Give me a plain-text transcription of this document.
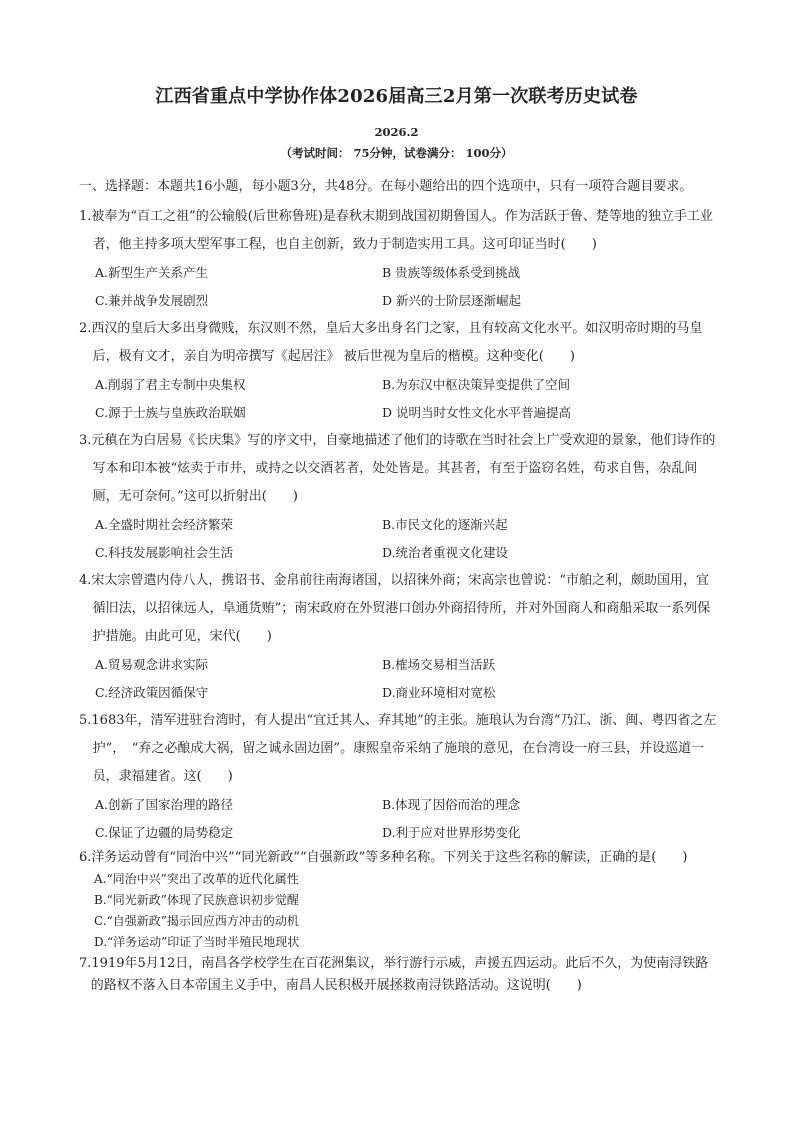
江西省重点中学协作体2026届高三2月第一次联考历史试卷
2026.2
（考试时间： 75分钟，试卷满分： 100分）
一、选择题：本题共16小题，每小题3分，共48分。在每小题给出的四个选项中，只有一项符合题目要求。
1.被奉为“百工之祖”的公输般(后世称鲁班)是春秋末期到战国初期鲁国人。作为活跃于鲁、楚等地的独立手工业者，他主持多项大型军事工程，也自主创新，致力于制造实用工具。这可印证当时(　　)
A.新型生产关系产生	B 贵族等级体系受到挑战
C.兼并战争发展剧烈	D 新兴的士阶层逐渐崛起
2.西汉的皇后大多出身微贱，东汉则不然，皇后大多出身名门之家，且有较高文化水平。如汉明帝时期的马皇后，极有文才，亲自为明帝撰写《起居注》 被后世视为皇后的楷模。这种变化(　　)
A.削弱了君主专制中央集权	B.为东汉中枢决策异变提供了空间
C.源于士族与皇族政治联姻	D 说明当时女性文化水平普遍提高
3.元稹在为白居易《长庆集》写的序文中，自豪地描述了他们的诗歌在当时社会上广受欢迎的景象，他们诗作的写本和印本被“炫卖于市井，或持之以交酒茗者，处处皆是。其甚者，有至于盗窃名姓，苟求自售，杂乱间厕，无可奈何。”这可以折射出(　　)
A.全盛时期社会经济繁荣	B.市民文化的逐渐兴起
C.科技发展影响社会生活	D.统治者重视文化建设
4.宋太宗曾遣内侍八人，携诏书、金帛前往南海诸国，以招徕外商；宋高宗也曾说：“市舶之利，颇助国用，宜循旧法，以招徕远人，阜通货贿”；南宋政府在外贸港口创办外商招待所，并对外国商人和商船采取一系列保护措施。由此可见，宋代(　　)
A.贸易观念讲求实际	B.榷场交易相当活跃
C.经济政策因循保守	D.商业环境相对宽松
5.1683年，清军进驻台湾时，有人提出“宜迁其人、弃其地”的主张。施琅认为台湾“乃江、浙、闽、粤四省之左护”，　“弃之必酿成大祸，留之诚永固边圉”。康熙皇帝采纳了施琅的意见，在台湾设一府三县，并设巡道一员，隶福建省。这(　　)
A.创新了国家治理的路径	B.体现了因俗而治的理念
C.保证了边疆的局势稳定	D.利于应对世界形势变化
6.洋务运动曾有“同治中兴”“同光新政”“自强新政”等多种名称。下列关于这些名称的解读，正确的是(　　)
A.“同治中兴”突出了改革的近代化属性
B.“同光新政”体现了民族意识初步觉醒
C.“自强新政”揭示回应西方冲击的动机
D.“洋务运动”印证了当时半殖民地现状
7.1919年5月12日，南昌各学校学生在百花洲集议，举行游行示威，声援五四运动。此后不久，为使南浔铁路的路权不落入日本帝国主义手中，南昌人民积极开展拯救南浔铁路活动。这说明(　　)
